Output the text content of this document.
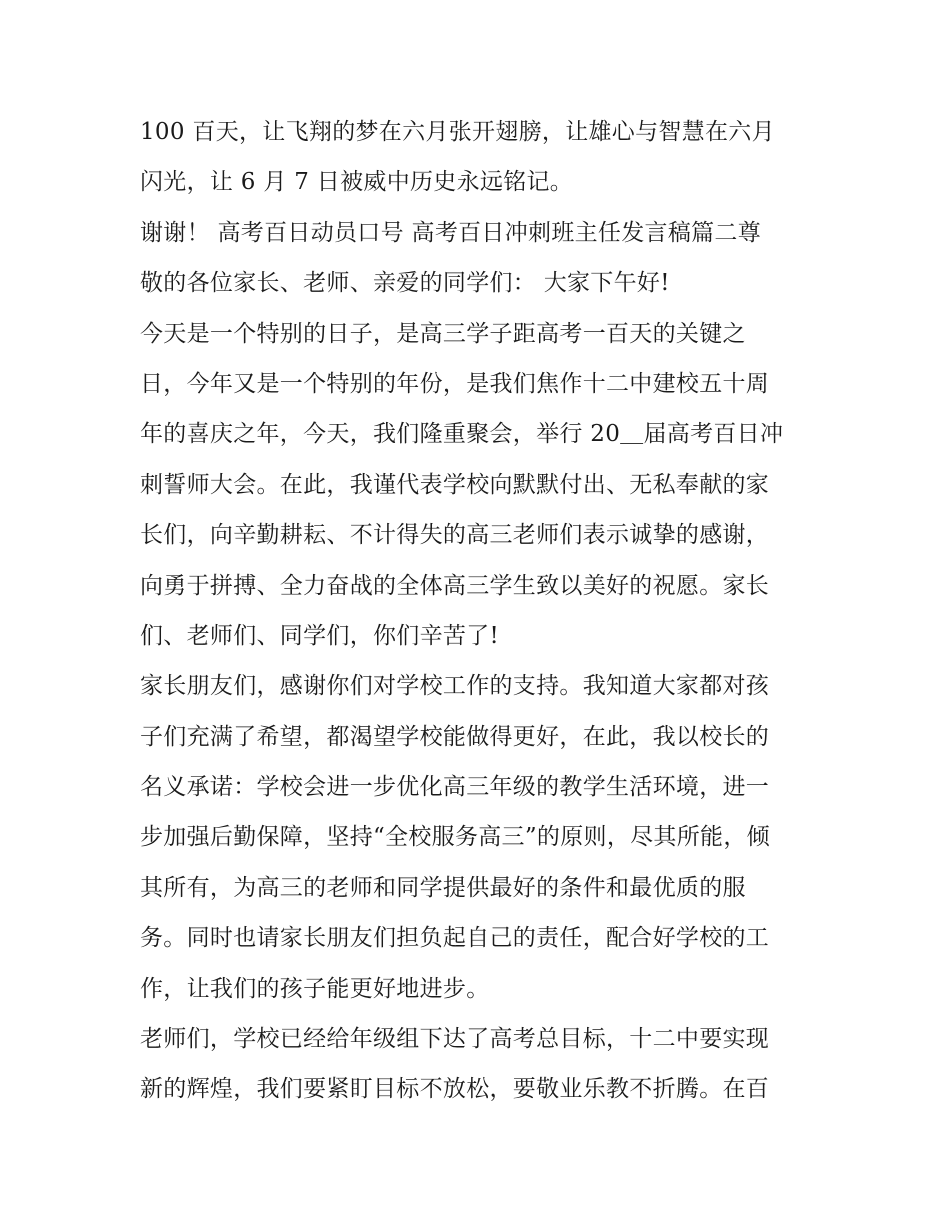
100 百天，让飞翔的梦在六月张开翅膀，让雄心与智慧在六月
闪光，让 6 月 7 日被威中历史永远铭记。
谢谢！ 高考百日动员口号 高考百日冲刺班主任发言稿篇二尊
敬的各位家长、老师、亲爱的同学们： 大家下午好!
今天是一个特别的日子，是高三学子距高考一百天的关键之
日，今年又是一个特别的年份，是我们焦作十二中建校五十周
年的喜庆之年，今天，我们隆重聚会，举行 20＿届高考百日冲
刺誓师大会。在此，我谨代表学校向默默付出、无私奉献的家
长们，向辛勤耕耘、不计得失的高三老师们表示诚挚的感谢，
向勇于拼搏、全力奋战的全体高三学生致以美好的祝愿。家长
们、老师们、同学们，你们辛苦了!
家长朋友们，感谢你们对学校工作的支持。我知道大家都对孩
子们充满了希望，都渴望学校能做得更好，在此，我以校长的
名义承诺：学校会进一步优化高三年级的教学生活环境，进一
步加强后勤保障，坚持“全校服务高三”的原则，尽其所能，倾
其所有，为高三的老师和同学提供最好的条件和最优质的服
务。同时也请家长朋友们担负起自己的责任，配合好学校的工
作，让我们的孩子能更好地进步。
老师们，学校已经给年级组下达了高考总目标，十二中要实现
新的辉煌，我们要紧盯目标不放松，要敬业乐教不折腾。在百
